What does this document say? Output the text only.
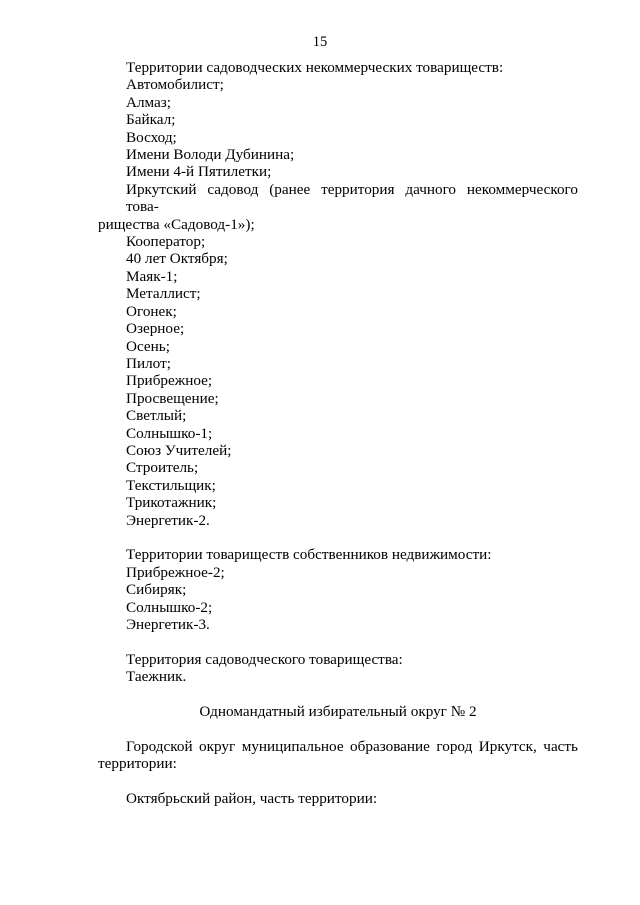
15
Территории садоводческих некоммерческих товариществ:
Автомобилист;
Алмаз;
Байкал;
Восход;
Имени Володи Дубинина;
Имени 4-й Пятилетки;
Иркутский садовод (ранее территория дачного некоммерческого това-
рищества «Садовод-1»);
Кооператор;
40 лет Октября;
Маяк-1;
Металлист;
Огонек;
Озерное;
Осень;
Пилот;
Прибрежное;
Просвещение;
Светлый;
Солнышко-1;
Союз Учителей;
Строитель;
Текстильщик;
Трикотажник;
Энергетик-2.
Территории товариществ собственников недвижимости:
Прибрежное-2;
Сибиряк;
Солнышко-2;
Энергетик-3.
Территория садоводческого товарищества:
Таежник.
Одномандатный избирательный округ № 2
Городской округ муниципальное образование город Иркутск, часть
территории:
Октябрьский район, часть территории:
